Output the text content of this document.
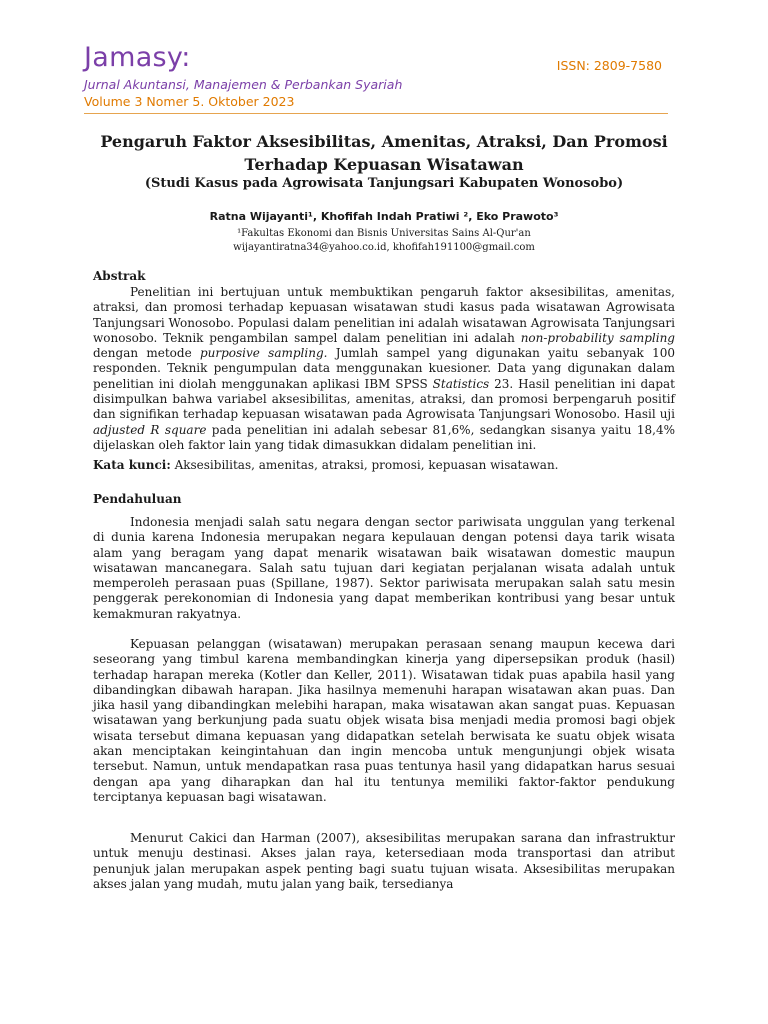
Jamasy:
Jurnal Akuntansi, Manajemen & Perbankan Syariah
Volume 3 Nomer 5. Oktober 2023
ISSN: 2809-7580
Pengaruh Faktor Aksesibilitas, Amenitas, Atraksi, Dan Promosi Terhadap Kepuasan Wisatawan
(Studi Kasus pada Agrowisata Tanjungsari Kabupaten Wonosobo)
Ratna Wijayanti¹, Khofifah Indah Pratiwi ², Eko Prawoto³
¹Fakultas Ekonomi dan Bisnis Universitas Sains Al-Qur'an
wijayantiratna34@yahoo.co.id, khofifah191100@gmail.com
Abstrak
Penelitian ini bertujuan untuk membuktikan pengaruh faktor aksesibilitas, amenitas, atraksi, dan promosi terhadap kepuasan wisatawan studi kasus pada wisatawan Agrowisata Tanjungsari Wonosobo. Populasi dalam penelitian ini adalah wisatawan Agrowisata Tanjungsari wonosobo. Teknik pengambilan sampel dalam penelitian ini adalah non-probability sampling dengan metode purposive sampling. Jumlah sampel yang digunakan yaitu sebanyak 100 responden. Teknik pengumpulan data menggunakan kuesioner. Data yang digunakan dalam penelitian ini diolah menggunakan aplikasi IBM SPSS Statistics 23. Hasil penelitian ini dapat disimpulkan bahwa variabel aksesibilitas, amenitas, atraksi, dan promosi berpengaruh positif dan signifikan terhadap kepuasan wisatawan pada Agrowisata Tanjungsari Wonosobo. Hasil uji adjusted R square pada penelitian ini adalah sebesar 81,6%, sedangkan sisanya yaitu 18,4% dijelaskan oleh faktor lain yang tidak dimasukkan didalam penelitian ini.
Kata kunci: Aksesibilitas, amenitas, atraksi, promosi, kepuasan wisatawan.
Pendahuluan
Indonesia menjadi salah satu negara dengan sector pariwisata unggulan yang terkenal di dunia karena Indonesia merupakan negara kepulauan dengan potensi daya tarik wisata alam yang beragam yang dapat menarik wisatawan baik wisatawan domestic maupun wisatawan mancanegara. Salah satu tujuan dari kegiatan perjalanan wisata adalah untuk memperoleh perasaan puas (Spillane, 1987). Sektor pariwisata merupakan salah satu mesin penggerak perekonomian di Indonesia yang dapat memberikan kontribusi yang besar untuk kemakmuran rakyatnya.
Kepuasan pelanggan (wisatawan) merupakan perasaan senang maupun kecewa dari seseorang yang timbul karena membandingkan kinerja yang dipersepsikan produk (hasil) terhadap harapan mereka (Kotler dan Keller, 2011). Wisatawan tidak puas apabila hasil yang dibandingkan dibawah harapan. Jika hasilnya memenuhi harapan wisatawan akan puas. Dan jika hasil yang dibandingkan melebihi harapan, maka wisatawan akan sangat puas. Kepuasan wisatawan yang berkunjung pada suatu objek wisata bisa menjadi media promosi bagi objek wisata tersebut dimana kepuasan yang didapatkan setelah berwisata ke suatu objek wisata akan menciptakan keingintahuan dan ingin mencoba untuk mengunjungi objek wisata tersebut. Namun, untuk mendapatkan rasa puas tentunya hasil yang didapatkan harus sesuai dengan apa yang diharapkan dan hal itu tentunya memiliki faktor-faktor pendukung terciptanya kepuasan bagi wisatawan.
Menurut Cakici dan Harman (2007), aksesibilitas merupakan sarana dan infrastruktur untuk menuju destinasi. Akses jalan raya, ketersediaan moda transportasi dan atribut penunjuk jalan merupakan aspek penting bagi suatu tujuan wisata. Aksesibilitas merupakan akses jalan yang mudah, mutu jalan yang baik, tersedianya
